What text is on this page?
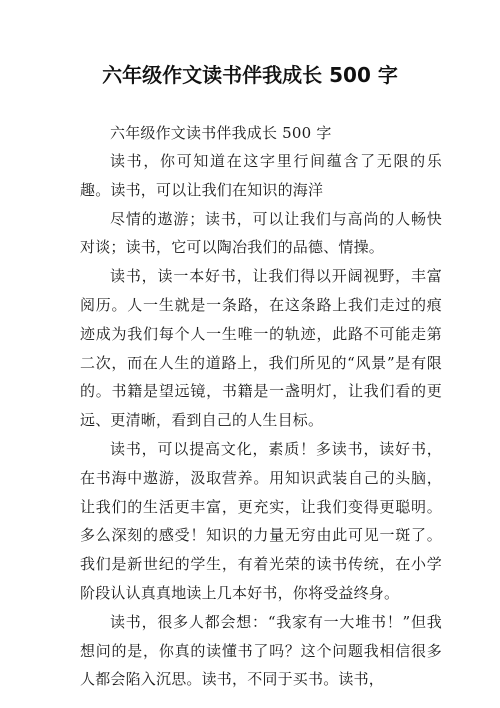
六年级作文读书伴我成长 500 字

六年级作文读书伴我成长 500 字

读书，你可知道在这字里行间蕴含了无限的乐趣。读书，可以让我们在知识的海洋

尽情的遨游；读书，可以让我们与高尚的人畅快对谈；读书，它可以陶冶我们的品德、情操。

读书，读一本好书，让我们得以开阔视野，丰富阅历。人一生就是一条路，在这条路上我们走过的痕迹成为我们每个人一生唯一的轨迹，此路不可能走第二次，而在人生的道路上，我们所见的“风景”是有限的。书籍是望远镜，书籍是一盏明灯，让我们看的更远、更清晰，看到自己的人生目标。

读书，可以提高文化，素质！多读书，读好书，在书海中遨游，汲取营养。用知识武装自己的头脑，让我们的生活更丰富，更充实，让我们变得更聪明。多么深刻的感受！知识的力量无穷由此可见一斑了。我们是新世纪的学生，有着光荣的读书传统，在小学阶段认认真真地读上几本好书，你将受益终身。

读书，很多人都会想：“我家有一大堆书！”但我想问的是，你真的读懂书了吗？这个问题我相信很多人都会陷入沉思。读书，不同于买书。读书，
